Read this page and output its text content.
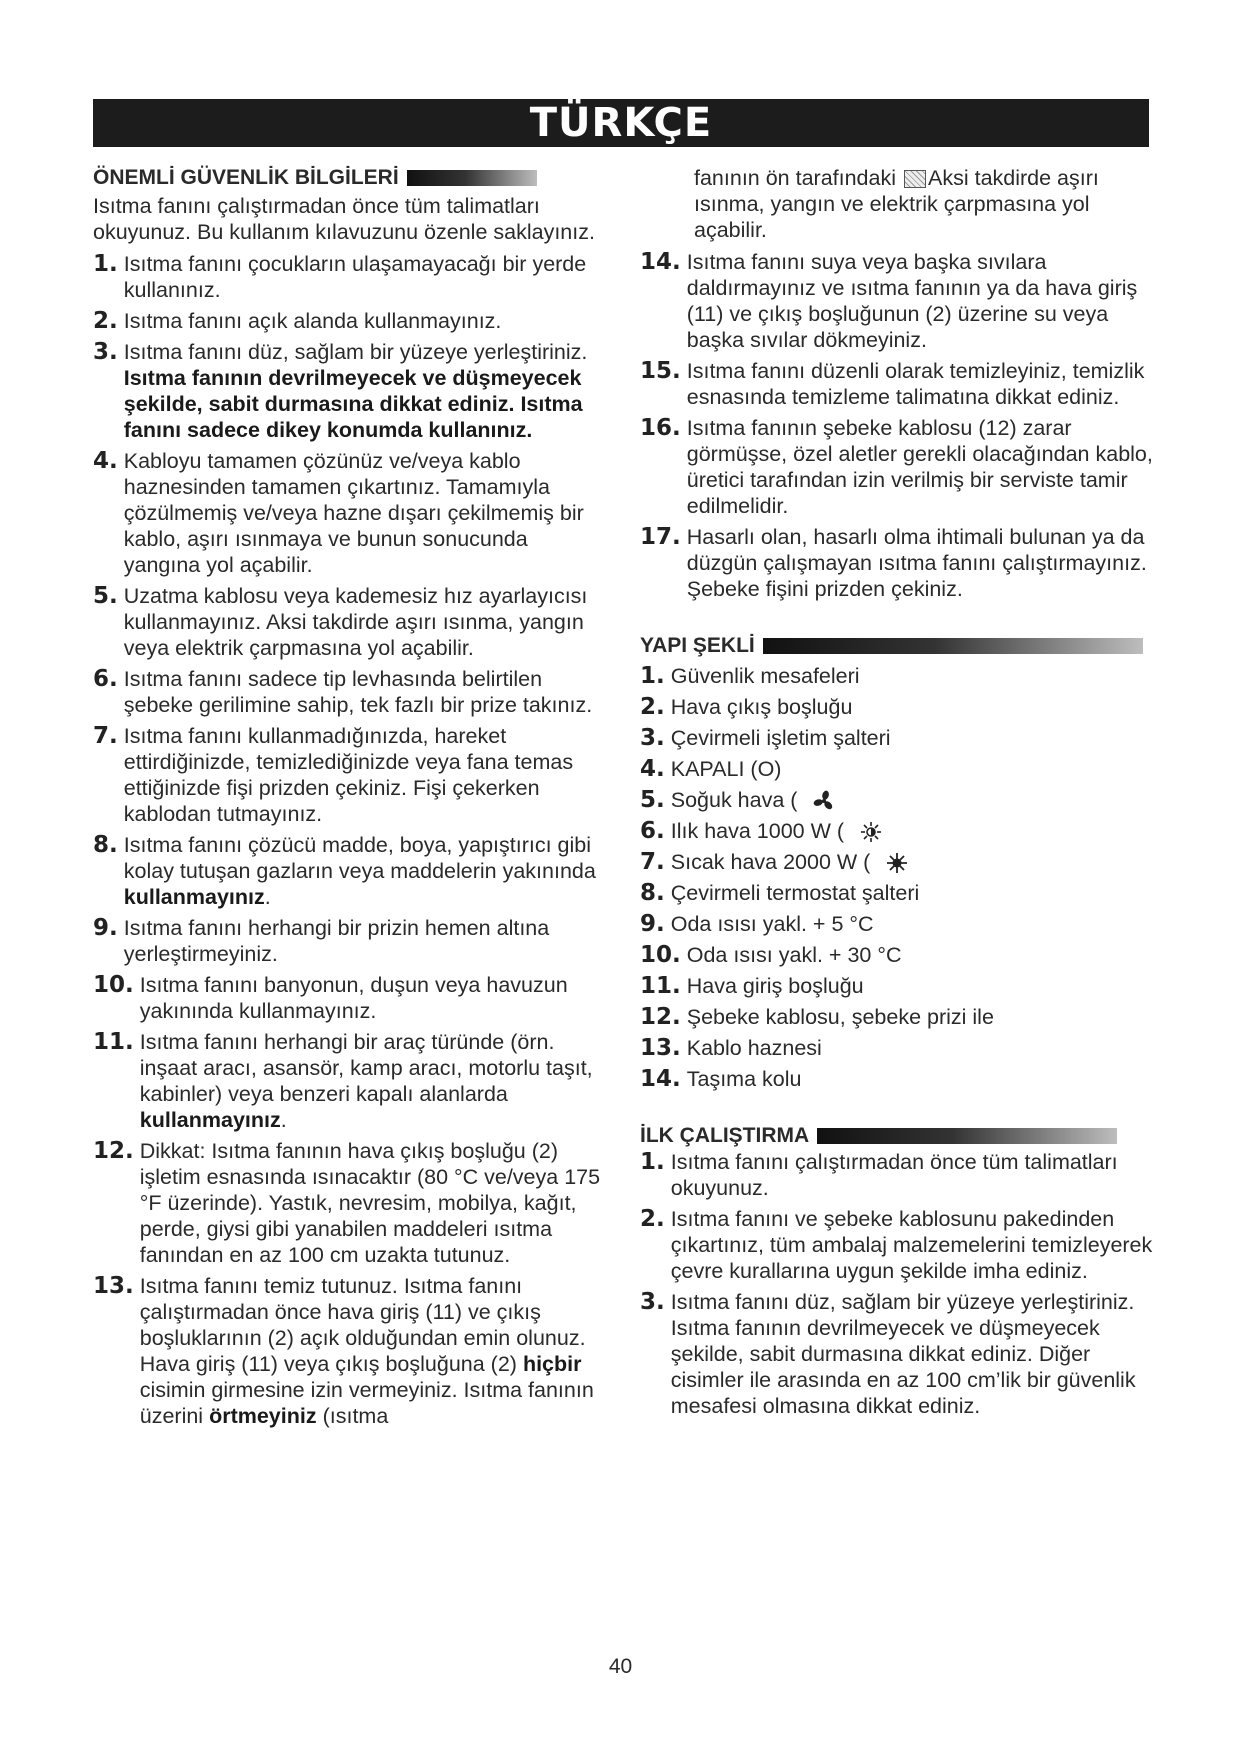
TÜRKÇE
ÖNEMLİ GÜVENLİK BİLGİLERİ
Isıtma fanını çalıştırmadan önce tüm talimatları okuyunuz. Bu kullanım kılavuzunu özenle saklayınız.
1. Isıtma fanını çocukların ulaşamayacağı bir yerde kullanınız.
2. Isıtma fanını açık alanda kullanmayınız.
3. Isıtma fanını düz, sağlam bir yüzeye yerleştiriniz. Isıtma fanının devrilmeyecek ve düşmeyecek şekilde, sabit durmasına dikkat ediniz. Isıtma fanını sadece dikey konumda kullanınız.
4. Kabloyu tamamen çözünüz ve/veya kablo haznesinden tamamen çıkartınız. Tamamıyla çözülmemiş ve/veya hazne dışarı çekilmemiş bir kablo, aşırı ısınmaya ve bunun sonucunda yangına yol açabilir.
5. Uzatma kablosu veya kademesiz hız ayarlayıcısı kullanmayınız. Aksi takdirde aşırı ısınma, yangın veya elektrik çarpmasına yol açabilir.
6. Isıtma fanını sadece tip levhasında belirtilen şebeke gerilimine sahip, tek fazlı bir prize takınız.
7. Isıtma fanını kullanmadığınızda, hareket ettirdiğinizde, temizlediğinizde veya fana temas ettiğinizde fişi prizden çekiniz. Fişi çekerken kablodan tutmayınız.
8. Isıtma fanını çözücü madde, boya, yapıştırıcı gibi kolay tutuşan gazların veya maddelerin yakınında kullanmayınız.
9. Isıtma fanını herhangi bir prizin hemen altına yerleştirmeyiniz.
10. Isıtma fanını banyonun, duşun veya havuzun yakınında kullanmayınız.
11. Isıtma fanını herhangi bir araç türünde (örn. inşaat aracı, asansör, kamp aracı, motorlu taşıt, kabinler) veya benzeri kapalı alanlarda kullanmayınız.
12. Dikkat: Isıtma fanının hava çıkış boşluğu (2) işletim esnasında ısınacaktır (80 °C ve/veya 175 °F üzerinde). Yastık, nevresim, mobilya, kağıt, perde, giysi gibi yanabilen maddeleri ısıtma fanından en az 100 cm uzakta tutunuz.
13. Isıtma fanını temiz tutunuz. Isıtma fanını çalıştırmadan önce hava giriş (11) ve çıkış boşluklarının (2) açık olduğundan emin olunuz. Hava giriş (11) veya çıkış boşluğuna (2) hiçbir cisimin girmesine izin vermeyiniz. Isıtma fanının üzerini örtmeyiniz (ısıtma
fanının ön tarafındaki Aksi takdirde aşırı ısınma, yangın ve elektrik çarpmasına yol açabilir.
14. Isıtma fanını suya veya başka sıvılara daldırmayınız ve ısıtma fanının ya da hava giriş (11) ve çıkış boşluğunun (2) üzerine su veya başka sıvılar dökmeyiniz.
15. Isıtma fanını düzenli olarak temizleyiniz, temizlik esnasında temizleme talimatına dikkat ediniz.
16. Isıtma fanının şebeke kablosu (12) zarar görmüşse, özel aletler gerekli olacağından kablo, üretici tarafından izin verilmiş bir serviste tamir edilmelidir.
17. Hasarlı olan, hasarlı olma ihtimali bulunan ya da düzgün çalışmayan ısıtma fanını çalıştırmayınız. Şebeke fişini prizden çekiniz.
YAPI ŞEKLİ
1. Güvenlik mesafeleri
2. Hava çıkış boşluğu
3. Çevirmeli işletim şalteri
4. KAPALI (O)
5. Soğuk hava (
6. Ilık hava 1000 W (
7. Sıcak hava 2000 W (
8. Çevirmeli termostat şalteri
9. Oda ısısı yakl. + 5 °C
10. Oda ısısı yakl. + 30 °C
11. Hava giriş boşluğu
12. Şebeke kablosu, şebeke prizi ile
13. Kablo haznesi
14. Taşıma kolu
İLK ÇALIŞTIRMA
1. Isıtma fanını çalıştırmadan önce tüm talimatları okuyunuz.
2. Isıtma fanını ve şebeke kablosunu pakedinden çıkartınız, tüm ambalaj malzemelerini temizleyerek çevre kurallarına uygun şekilde imha ediniz.
3. Isıtma fanını düz, sağlam bir yüzeye yerleştiriniz. Isıtma fanının devrilmeyecek ve düşmeyecek şekilde, sabit durmasına dikkat ediniz. Diğer cisimler ile arasında en az 100 cm’lik bir güvenlik mesafesi olmasına dikkat ediniz.
40
